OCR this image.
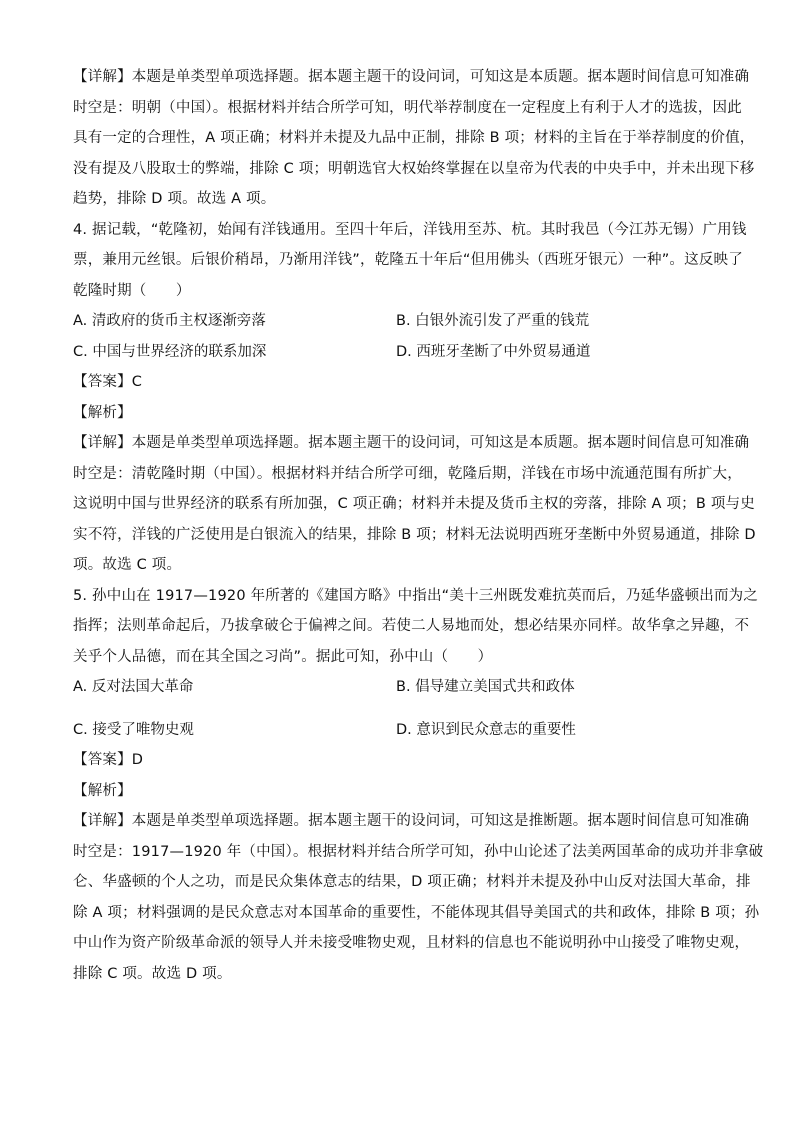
【详解】本题是单类型单项选择题。据本题主题干的设问词，可知这是本质题。据本题时间信息可知准确
时空是：明朝（中国）。根据材料并结合所学可知，明代举荐制度在一定程度上有利于人才的选拔，因此
具有一定的合理性，A 项正确；材料并未提及九品中正制，排除 B 项；材料的主旨在于举荐制度的价值，
没有提及八股取士的弊端，排除 C 项；明朝选官大权始终掌握在以皇帝为代表的中央手中，并未出现下移
趋势，排除 D 项。故选 A 项。
4. 据记载，“乾隆初，始闻有洋钱通用。至四十年后，洋钱用至苏、杭。其时我邑（今江苏无锡）广用钱
票，兼用元丝银。后银价稍昂，乃渐用洋钱”，乾隆五十年后“但用佛头（西班牙银元）一种”。这反映了
乾隆时期（　　）
A. 清政府的货币主权逐渐旁落	B. 白银外流引发了严重的钱荒
C. 中国与世界经济的联系加深	D. 西班牙垄断了中外贸易通道
【答案】C
【解析】
【详解】本题是单类型单项选择题。据本题主题干的设问词，可知这是本质题。据本题时间信息可知准确
时空是：清乾隆时期（中国）。根据材料并结合所学可细，乾隆后期，洋钱在市场中流通范围有所扩大，
这说明中国与世界经济的联系有所加强，C 项正确；材料并未提及货币主权的旁落，排除 A 项；B 项与史
实不符，洋钱的广泛使用是白银流入的结果，排除 B 项；材料无法说明西班牙垄断中外贸易通道，排除 D
项。故选 C 项。
5. 孙中山在 1917—1920 年所著的《建国方略》中指出“美十三州既发难抗英而后，乃延华盛顿出而为之
指挥；法则革命起后，乃拔拿破仑于偏裨之间。若使二人易地而处，想必结果亦同样。故华拿之异趣，不
关乎个人品德，而在其全国之习尚”。据此可知，孙中山（　　）
A. 反对法国大革命	B. 倡导建立美国式共和政体
C. 接受了唯物史观	D. 意识到民众意志的重要性
【答案】D
【解析】
【详解】本题是单类型单项选择题。据本题主题干的设问词，可知这是推断题。据本题时间信息可知准确
时空是：1917—1920 年（中国）。根据材料并结合所学可知，孙中山论述了法美两国革命的成功并非拿破
仑、华盛顿的个人之功，而是民众集体意志的结果，D 项正确；材料并未提及孙中山反对法国大革命，排
除 A 项；材料强调的是民众意志对本国革命的重要性，不能体现其倡导美国式的共和政体，排除 B 项；孙
中山作为资产阶级革命派的领导人并未接受唯物史观，且材料的信息也不能说明孙中山接受了唯物史观，
排除 C 项。故选 D 项。
